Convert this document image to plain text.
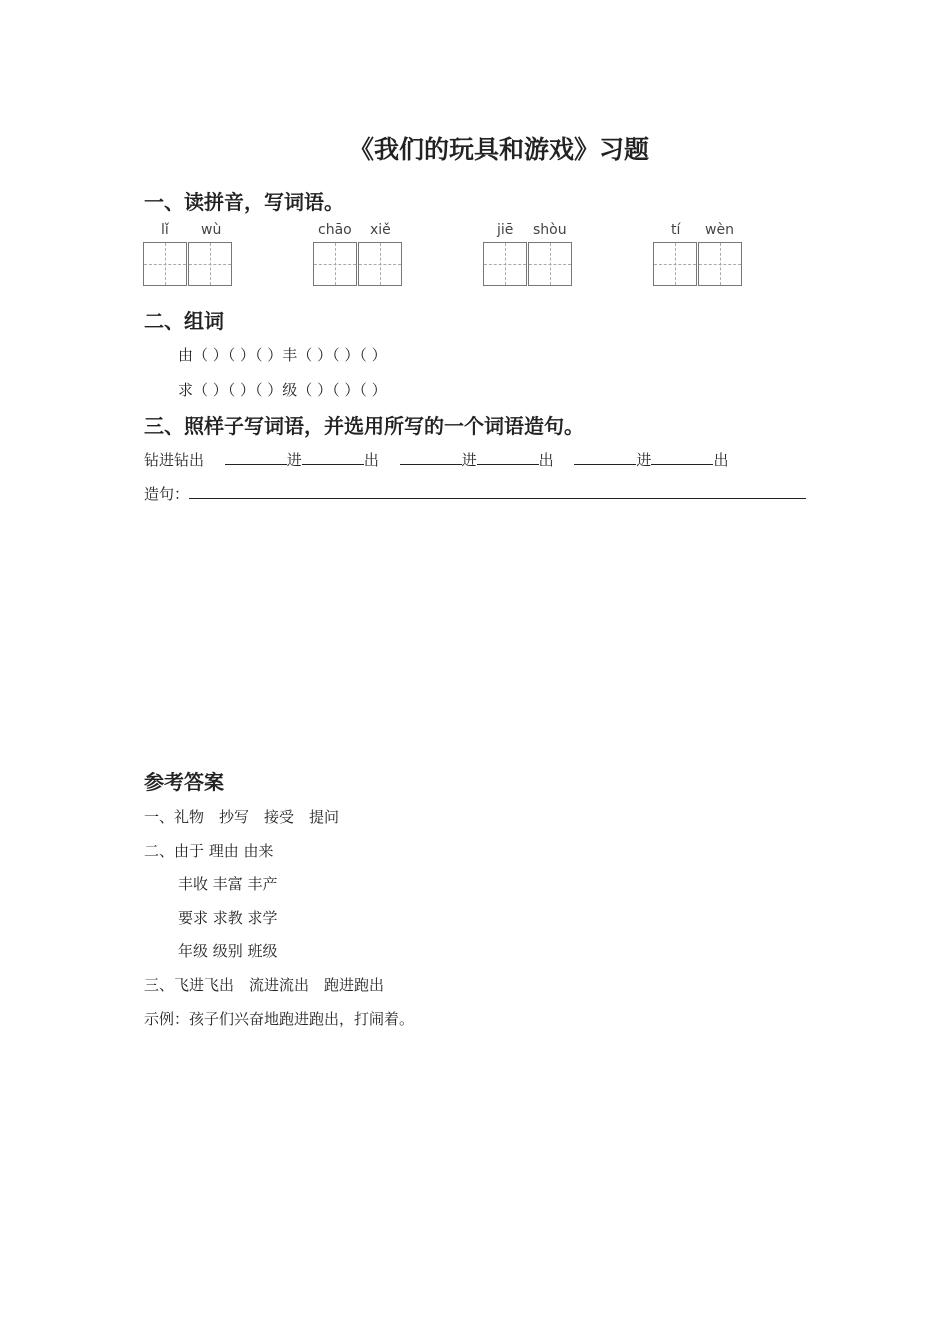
《我们的玩具和游戏》习题
一、读拼音，写词语。
lǐ wù	chāo xiě	jiē shòu	tí wèn
二、组词
由（ ）（ ）（ ）丰（ ）（ ）（ ）
求（ ）（ ）（ ）级（ ）（ ）（ ）
三、照样子写词语，并选用所写的一个词语造句。
钻进钻出	进	出	进	出	进	出
造句：
参考答案
一、礼物　抄写　接受　提问
二、由于 理由 由来
丰收 丰富 丰产
要求 求教 求学
年级 级别 班级
三、飞进飞出　流进流出　跑进跑出
示例：孩子们兴奋地跑进跑出，打闹着。
